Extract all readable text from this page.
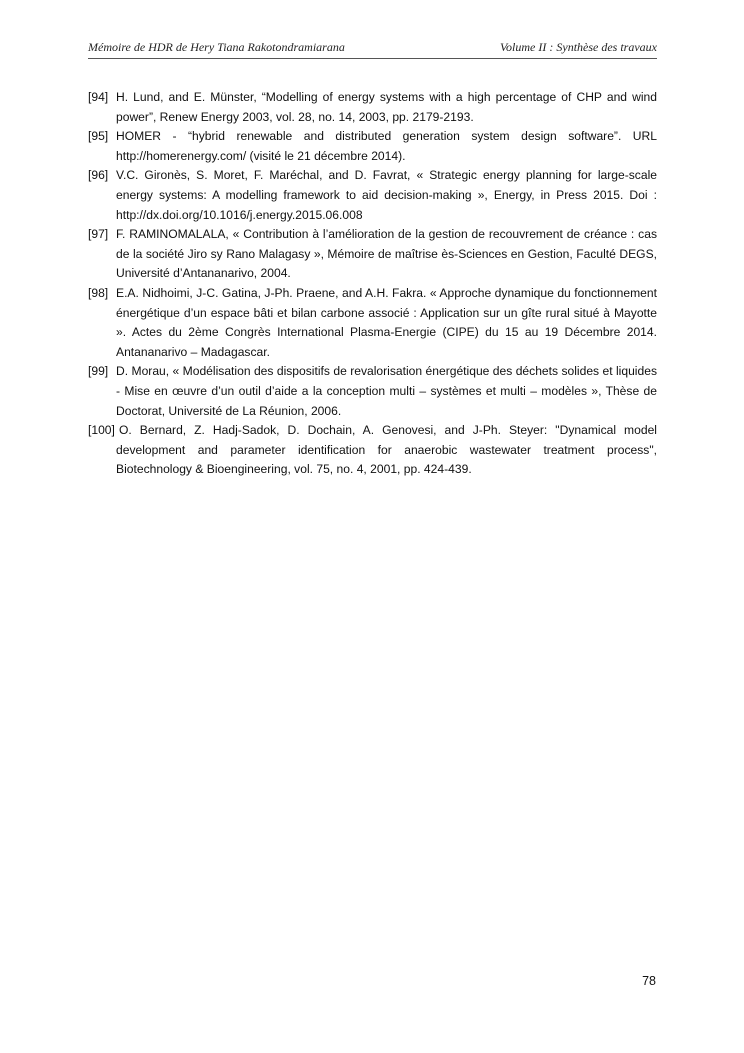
Mémoire de HDR de Hery Tiana Rakotondramiarana	Volume II : Synthèse des travaux

[94] H. Lund, and E. Münster, “Modelling of energy systems with a high percentage of CHP and wind power”, Renew Energy 2003, vol. 28, no. 14, 2003, pp. 2179-2193.

[95] HOMER - “hybrid renewable and distributed generation system design software”. URL http://homerenergy.com/ (visité le 21 décembre 2014).

[96] V.C. Gironès, S. Moret, F. Maréchal, and D. Favrat, « Strategic energy planning for large-scale energy systems: A modelling framework to aid decision-making », Energy, in Press 2015. Doi : http://dx.doi.org/10.1016/j.energy.2015.06.008

[97] F. RAMINOMALALA, « Contribution à l’amélioration de la gestion de recouvrement de créance : cas de la société Jiro sy Rano Malagasy », Mémoire de maîtrise ès-Sciences en Gestion, Faculté DEGS, Université d’Antananarivo, 2004.

[98] E.A. Nidhoimi, J-C. Gatina, J-Ph. Praene, and A.H. Fakra. « Approche dynamique du fonctionnement énergétique d’un espace bâti et bilan carbone associé : Application sur un gîte rural situé à Mayotte ». Actes du 2ème Congrès International Plasma-Energie (CIPE) du 15 au 19 Décembre 2014. Antananarivo – Madagascar.

[99] D. Morau, « Modélisation des dispositifs de revalorisation énergétique des déchets solides et liquides - Mise en œuvre d’un outil d’aide a la conception multi – systèmes et multi – modèles », Thèse de Doctorat, Université de La Réunion, 2006.

[100] O. Bernard, Z. Hadj-Sadok, D. Dochain, A. Genovesi, and J-Ph. Steyer: "Dynamical model development and parameter identification for anaerobic wastewater treatment process", Biotechnology & Bioengineering, vol. 75, no. 4, 2001, pp. 424-439.

78
